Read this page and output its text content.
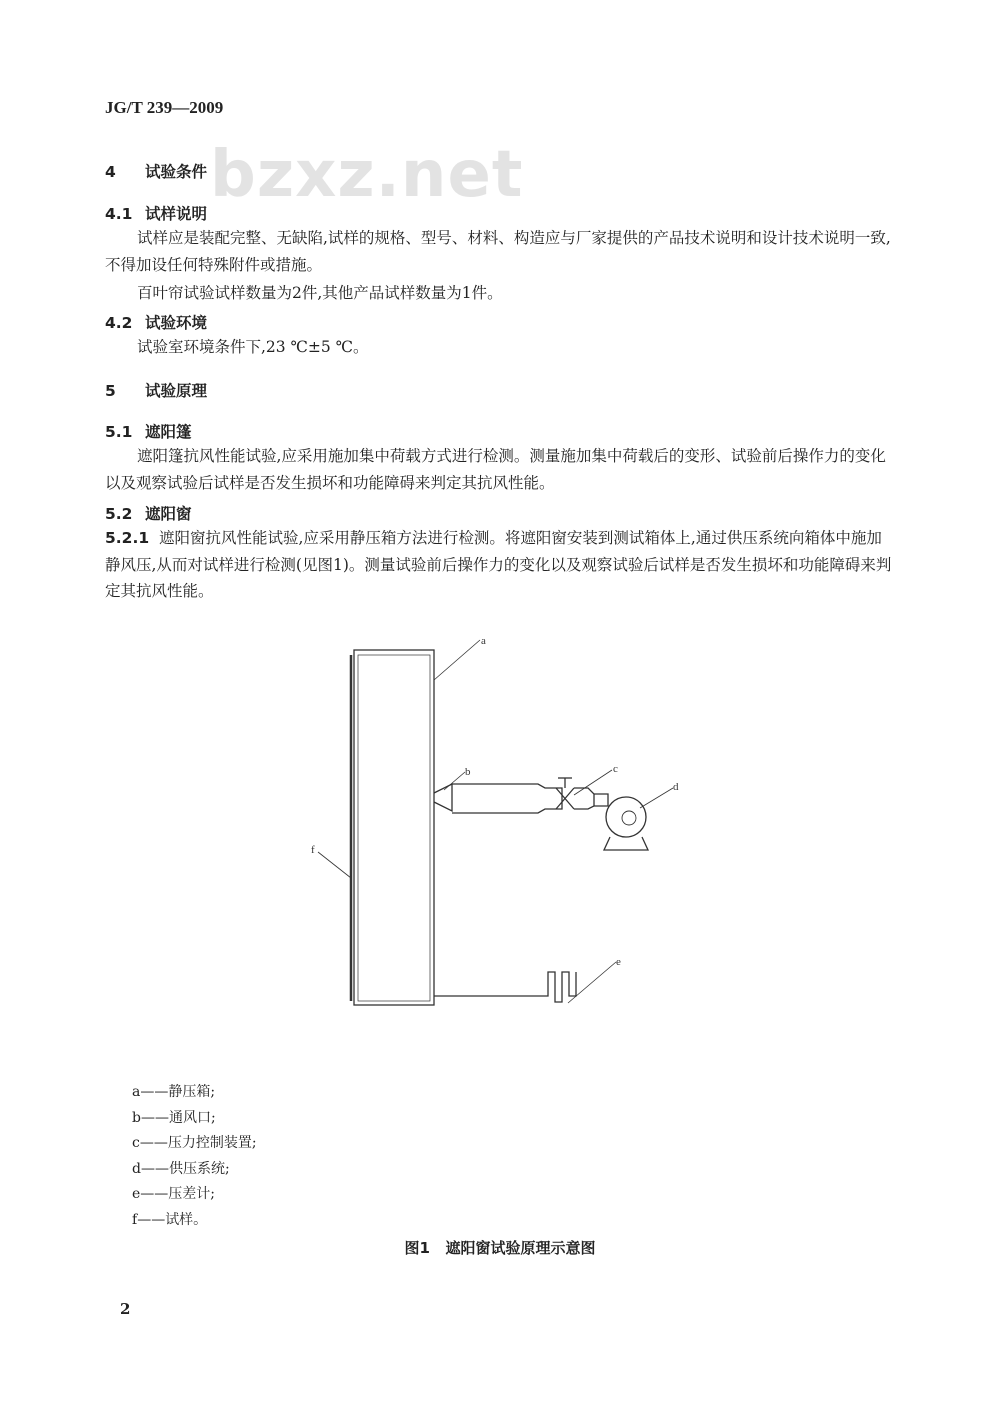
bzxz.net
JG/T 239—2009
4 试验条件
4.1 试样说明
试样应是装配完整、无缺陷,试样的规格、型号、材料、构造应与厂家提供的产品技术说明和设计技术说明一致,不得加设任何特殊附件或措施。
百叶帘试验试样数量为2件,其他产品试样数量为1件。
4.2 试验环境
试验室环境条件下,23 ℃±5 ℃。
5 试验原理
5.1 遮阳篷
遮阳篷抗风性能试验,应采用施加集中荷载方式进行检测。测量施加集中荷载后的变形、试验前后操作力的变化以及观察试验后试样是否发生损坏和功能障碍来判定其抗风性能。
5.2 遮阳窗
5.2.1 遮阳窗抗风性能试验,应采用静压箱方法进行检测。将遮阳窗安装到测试箱体上,通过供压系统向箱体中施加静风压,从而对试样进行检测(见图1)。测量试验前后操作力的变化以及观察试验后试样是否发生损坏和功能障碍来判定其抗风性能。
a
b	c
d
e
f
a——静压箱;
b——通风口;
c——压力控制装置;
d——供压系统;
e——压差计;
f——试样。
图1   遮阳窗试验原理示意图
2
